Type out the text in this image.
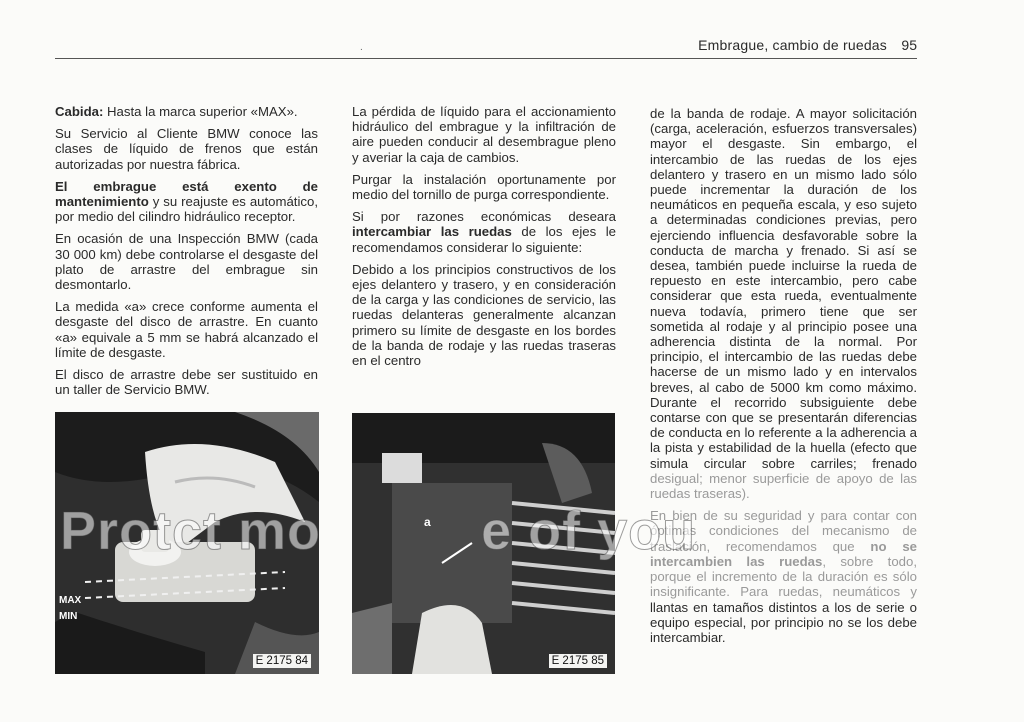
.	Embrague, cambio de ruedas 95

Cabida: Hasta la marca superior «MAX».

Su Servicio al Cliente BMW conoce las clases de líquido de frenos que están autorizadas por nuestra fábrica.

El embrague está exento de mantenimiento y su reajuste es automático, por medio del cilindro hidráulico receptor.

En ocasión de una Inspección BMW (cada 30 000 km) debe controlarse el desgaste del plato de arrastre del embrague sin desmontarlo.

La medida «a» crece conforme aumenta el desgaste del disco de arrastre. En cuanto «a» equivale a 5 mm se habrá alcanzado el límite de desgaste.

El disco de arrastre debe ser sustituido en un taller de Servicio BMW.

La pérdida de líquido para el accionamiento hidráulico del embrague y la infiltración de aire pueden conducir al desembrague pleno y averiar la caja de cambios.

Purgar la instalación oportunamente por medio del tornillo de purga correspondiente.

Si por razones económicas deseara intercambiar las ruedas de los ejes le recomendamos considerar lo siguiente:

Debido a los principios constructivos de los ejes delantero y trasero, y en consideración de la carga y las condiciones de servicio, las ruedas delanteras generalmente alcanzan primero su límite de desgaste en los bordes de la banda de rodaje y las ruedas traseras en el centro

de la banda de rodaje. A mayor solicitación (carga, aceleración, esfuerzos transversales) mayor el desgaste. Sin embargo, el intercambio de las ruedas de los ejes delantero y trasero en un mismo lado sólo puede incrementar la duración de los neumáticos en pequeña escala, y eso sujeto a determinadas condiciones previas, pero ejerciendo influencia desfavorable sobre la conducta de marcha y frenado. Si así se desea, también puede incluirse la rueda de repuesto en este intercambio, pero cabe considerar que esta rueda, eventualmente nueva todavía, primero tiene que ser sometida al rodaje y al principio posee una adherencia distinta de la normal. Por principio, el intercambio de las ruedas debe hacerse de un mismo lado y en intervalos breves, al cabo de 5000 km como máximo. Durante el recorrido subsiguiente debe contarse con que se presentarán diferencias de conducta en lo referente a la adherencia a la pista y estabilidad de la huella (efecto que simula circular sobre carriles; frenado desigual; menor superficie de apoyo de las ruedas traseras).

En bien de su seguridad y para contar con óptimas condiciones del mecanismo de traslación, recomendamos que no se intercambien las ruedas, sobre todo, porque el incremento de la duración es sólo insignificante. Para ruedas, neumáticos y llantas en tamaños distintos a los de serie o equipo especial, por principio no se los debe intercambiar.

MAX
MIN
E 2175 84
a
E 2175 85
Protct mo	e of you
